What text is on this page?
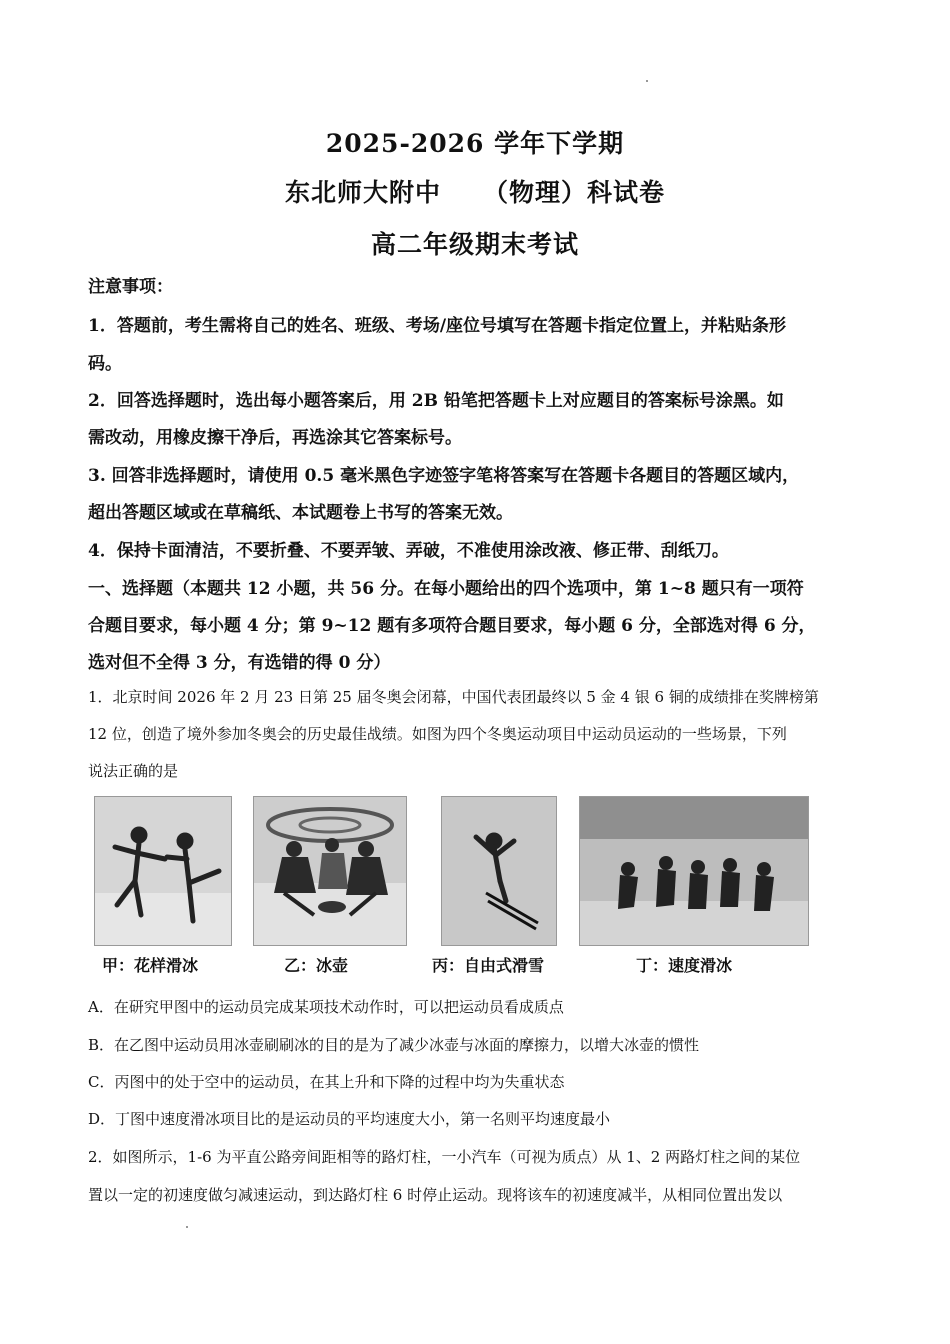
2025-2026 学年下学期
东北师大附中 （物理）科试卷
高二年级期末考试
注意事项：
1．答题前，考生需将自己的姓名、班级、考场/座位号填写在答题卡指定位置上，并粘贴条形
码。
2．回答选择题时，选出每小题答案后，用 2B 铅笔把答题卡上对应题目的答案标号涂黑。如
需改动，用橡皮擦干净后，再选涂其它答案标号。
3. 回答非选择题时，请使用 0.5 毫米黑色字迹签字笔将答案写在答题卡各题目的答题区域内，
超出答题区域或在草稿纸、本试题卷上书写的答案无效。
4．保持卡面清洁，不要折叠、不要弄皱、弄破，不准使用涂改液、修正带、刮纸刀。
一、选择题（本题共 12 小题，共 56 分。在每小题给出的四个选项中，第 1~8 题只有一项符
合题目要求，每小题 4 分；第 9~12 题有多项符合题目要求，每小题 6 分，全部选对得 6 分，
选对但不全得 3 分，有选错的得 0 分）
1．北京时间 2026 年 2 月 23 日第 25 届冬奥会闭幕，中国代表团最终以 5 金 4 银 6 铜的成绩排在奖牌榜第
12 位，创造了境外参加冬奥会的历史最佳战绩。如图为四个冬奥运动项目中运动员运动的一些场景，下列
说法正确的是
甲：花样滑冰	乙：冰壶	丙：自由式滑雪	丁：速度滑冰
A．在研究甲图中的运动员完成某项技术动作时，可以把运动员看成质点
B．在乙图中运动员用冰壶刷刷冰的目的是为了减少冰壶与冰面的摩擦力，以增大冰壶的惯性
C．丙图中的处于空中的运动员，在其上升和下降的过程中均为失重状态
D．丁图中速度滑冰项目比的是运动员的平均速度大小，第一名则平均速度最小
2．如图所示，1-6 为平直公路旁间距相等的路灯柱，一小汽车（可视为质点）从 1、2 两路灯柱之间的某位
置以一定的初速度做匀减速运动，到达路灯柱 6 时停止运动。现将该车的初速度减半，从相同位置出发以
